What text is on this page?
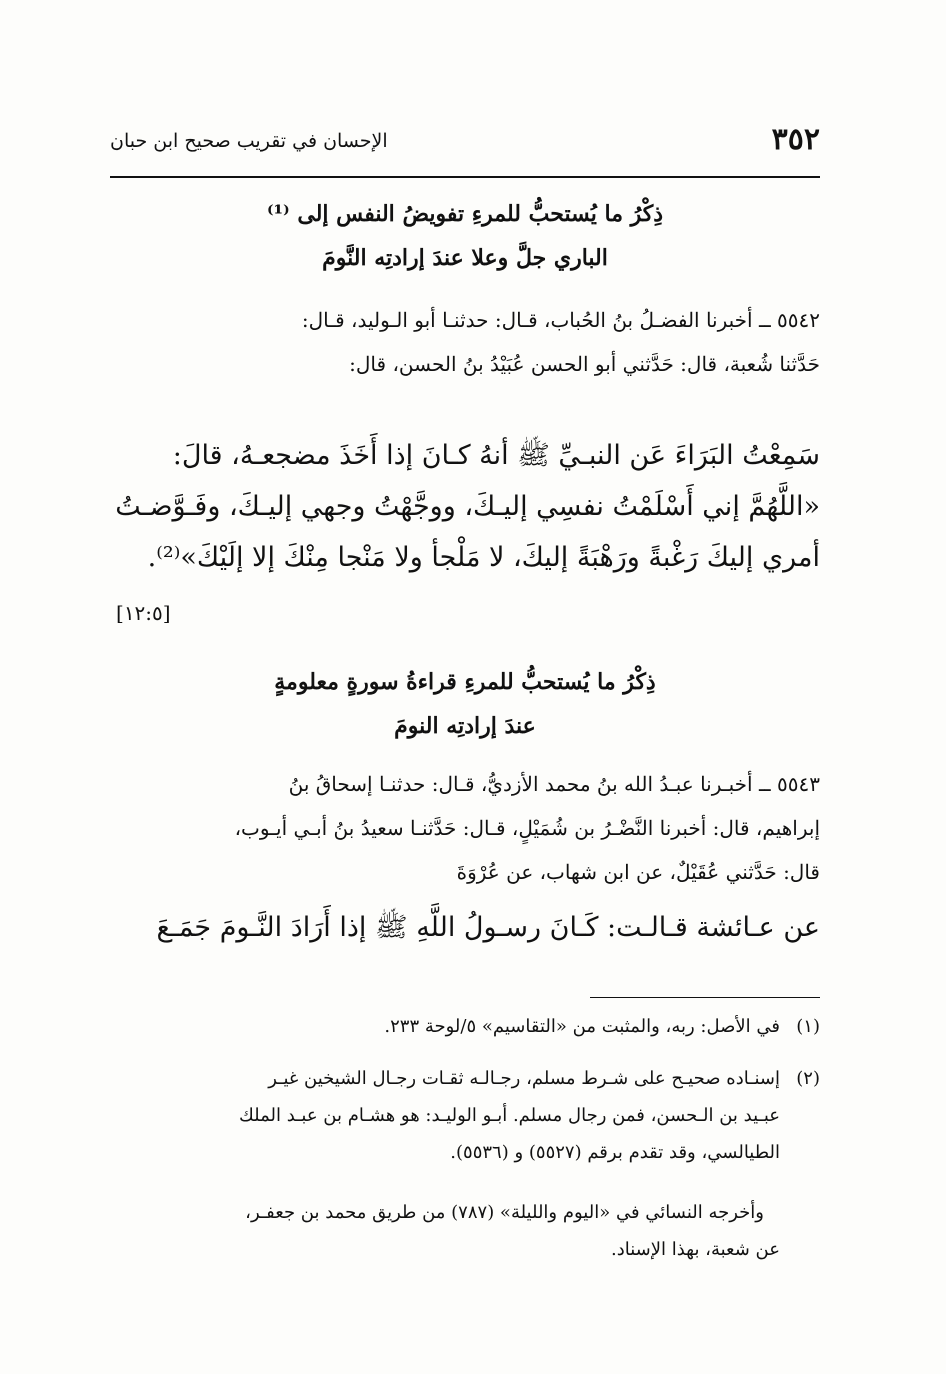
٣٥٢
الإحسان في تقريب صحيح ابن حبان

ذِكْرُ ما يُستحبُّ للمرءِ تفويضُ النفس إلى ⁽¹⁾

الباري جلَّ وعلا عندَ إرادتِه النَّومَ

٥٥٤٢ ــ أخبرنا الفضـلُ بنُ الحُباب، قـال: حدثنـا أبو الـوليد، قـال:

حَدَّثنا شُعبة، قال: حَدَّثني أبو الحسن عُبَيْدُ بنُ الحسن، قال:

سَمِعْتُ البَرَاءَ عَن النبـيِّ ﷺ أنهُ كـانَ إذا أَخَذَ مضجعـهُ، قالَ:

«اللَّهُمَّ إني أَسْلَمْتُ نفسِي إليـكَ، ووجَّهْتُ وجهي إليـكَ، وفَـوَّضـتُ

أمري إليكَ رَغْبةً ورَهْبَةً إليكَ، لا مَلْجأ ولا مَنْجا مِنْكَ إلا إلَيْكَ»⁽²⁾.

[١٢:٥]

ذِكْرُ ما يُستحبُّ للمرءِ قراءةُ سورةٍ معلومةٍ

عندَ إرادتِه النومَ

٥٥٤٣ ــ أخبـرنا عبـدُ الله بنُ محمد الأزديُّ، قـال: حدثنـا إسحاقُ بنُ

إبراهيم، قال: أخبرنا النَّضْـرُ بن شُمَيْلٍ، قـال: حَدَّثنـا سعيدُ بنُ أبـي أيـوب،

قال: حَدَّثني عُقَيْلٌ، عن ابن شهاب، عن عُرْوَةَ

عن عـائشة قـالـت: كَـانَ رسـولُ اللَّهِ ﷺ إذا أَرَادَ النَّـومَ جَمَـعَ

(١)في الأصل: ربه، والمثبت من «التقاسيم» ٥/لوحة ٢٣٣.

(٢)إسنـاده صحيـح على شـرط مسلم، رجـالـه ثقـات رجـال الشيخين غيـر

عبـيد بن الـحسن، فمن رجال مسلم. أبـو الوليـد: هو هشـام بن عبـد الملك

الطيالسي، وقد تقدم برقم (٥٥٢٧) و (٥٥٣٦).

وأخرجه النسائي في «اليوم والليلة» (٧٨٧) من طريق محمد بن جعفـر،

عن شعبة، بهذا الإسناد.
